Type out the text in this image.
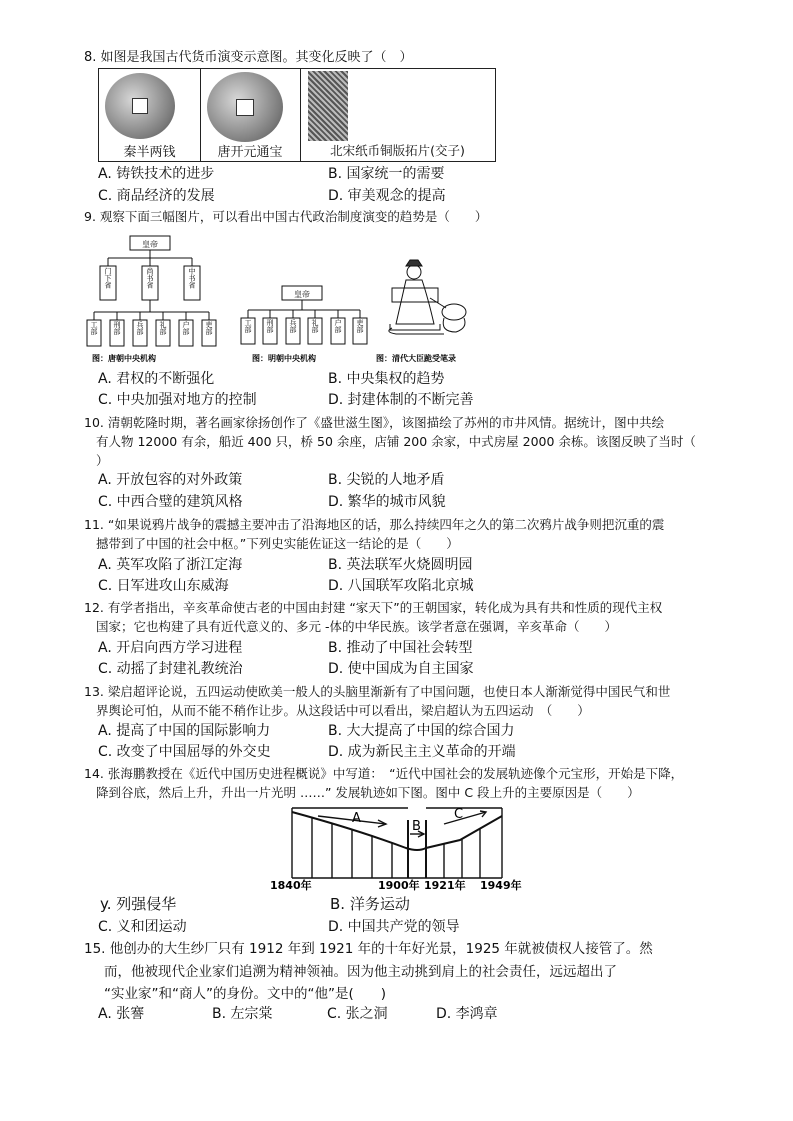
8. 如图是我国古代货币演变示意图。其变化反映了（　）
秦半两钱	唐开元通宝	北宋纸币铜版拓片(交子)
A. 铸铁技术的进步	B. 国家统一的需要
C. 商品经济的发展	D. 审美观念的提高
9. 观察下面三幅图片，可以看出中国古代政治制度演变的趋势是（　　）
皇帝
门下省	尚书省	中书省
工部 刑部 兵部 礼部 户部 吏部
图：唐朝中央机构
皇帝
工部 刑部 兵部 礼部 户部 吏部
图：明朝中央机构	图：清代大臣跪受笔录
A. 君权的不断强化	B. 中央集权的趋势
C. 中央加强对地方的控制	D. 封建体制的不断完善
10. 清朝乾隆时期，著名画家徐扬创作了《盛世滋生图》，该图描绘了苏州的市井风情。据统计，图中共绘
有人物 12000 有余，船近 400 只，桥 50 余座，店铺 200 余家，中式房屋 2000 余栋。该图反映了当时（
）
A. 开放包容的对外政策	B. 尖锐的人地矛盾
C. 中西合璧的建筑风格	D. 繁华的城市风貌
11. “如果说鸦片战争的震撼主要冲击了沿海地区的话，那么持续四年之久的第二次鸦片战争则把沉重的震
撼带到了中国的社会中枢。”下列史实能佐证这一结论的是（　　）
A. 英军攻陷了浙江定海	B. 英法联军火烧圆明园
C. 日军进攻山东威海	D. 八国联军攻陷北京城
12. 有学者指出，辛亥革命使古老的中国由封建 “家天下”的王朝国家，转化成为具有共和性质的现代主权
国家；它也构建了具有近代意义的、多元 -体的中华民族。该学者意在强调，辛亥革命（　　）
A. 开启向西方学习进程	B. 推动了中国社会转型
C. 动摇了封建礼教统治	D. 使中国成为自主国家
13. 梁启超评论说，五四运动使欧美一般人的头脑里渐新有了中国问题，也使日本人渐渐觉得中国民气和世
界舆论可怕，从而不能不稍作让步。从这段话中可以看出，梁启超认为五四运动　（　　）
A. 提高了中国的国际影响力	B. 大大提高了中国的综合国力
C. 改变了中国屈辱的外交史	D. 成为新民主主义革命的开端
14. 张海鹏教授在《近代中国历史进程概说》中写道：　“近代中国社会的发展轨迹像个元宝形，开始是下降，
降到谷底，然后上升，升出一片光明 ……” 发展轨迹如下图。图中 C 段上升的主要原因是（　　）
A
B
C
1840年	1900年 1921年 1949年
y. 列强侵华	B. 洋务运动
C. 义和团运动	D. 中国共产党的领导
15. 他创办的大生纱厂只有 1912 年到 1921 年的十年好光景，1925 年就被债权人接管了。然
而，他被现代企业家们追溯为精神领袖。因为他主动挑到肩上的社会责任，远远超出了
“实业家”和“商人”的身份。文中的“他”是(　　)
A. 张謇	B. 左宗棠	C. 张之洞	D. 李鸿章
